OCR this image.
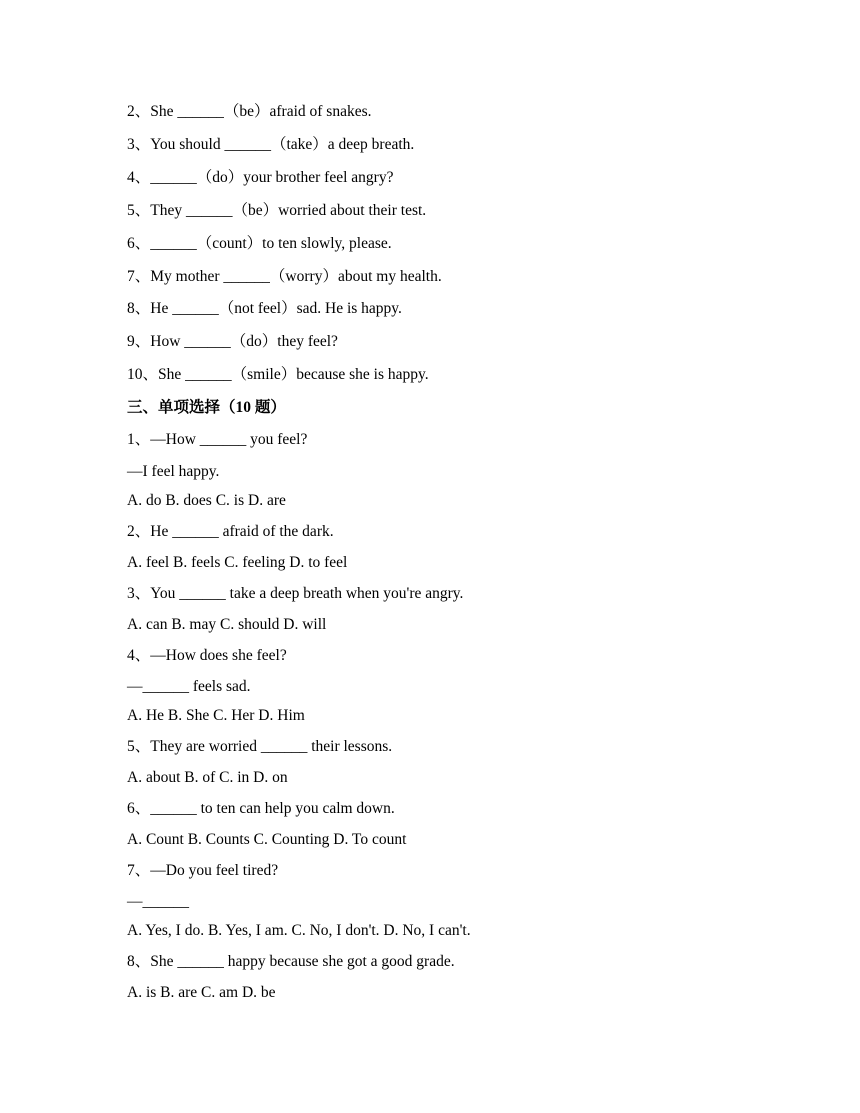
2、She ______（be）afraid of snakes.
3、You should ______（take）a deep breath.
4、______（do）your brother feel angry?
5、They ______（be）worried about their test.
6、______（count）to ten slowly, please.
7、My mother ______（worry）about my health.
8、He ______（not feel）sad. He is happy.
9、How ______（do）they feel?
10、She ______（smile）because she is happy.
三、单项选择（10 题）
1、—How ______ you feel?
—I feel happy.
A. do B. does C. is D. are
2、He ______ afraid of the dark.
A. feel B. feels C. feeling D. to feel
3、You ______ take a deep breath when you're angry.
A. can B. may C. should D. will
4、—How does she feel?
—______ feels sad.
A. He B. She C. Her D. Him
5、They are worried ______ their lessons.
A. about B. of C. in D. on
6、______ to ten can help you calm down.
A. Count B. Counts C. Counting D. To count
7、—Do you feel tired?
—______
A. Yes, I do. B. Yes, I am. C. No, I don't. D. No, I can't.
8、She ______ happy because she got a good grade.
A. is B. are C. am D. be
